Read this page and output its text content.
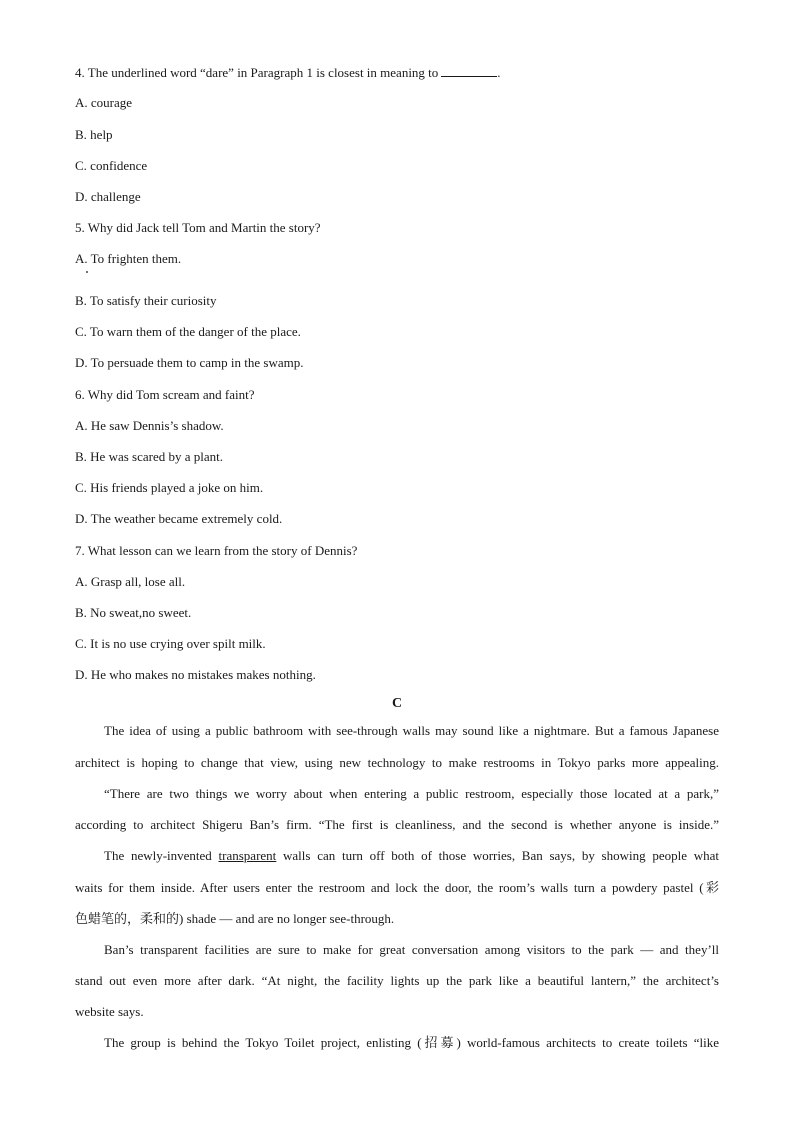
4. The underlined word “dare” in Paragraph 1 is closest in meaning to	.
A. courage
B. help
C. confidence
D. challenge
5. Why did Jack tell Tom and Martin the story?
A. To frighten them.
B. To satisfy their curiosity
C. To warn them of the danger of the place.
D. To persuade them to camp in the swamp.
6. Why did Tom scream and faint?
A. He saw Dennis’s shadow.
B. He was scared by a plant.
C. His friends played a joke on him.
D. The weather became extremely cold.
7. What lesson can we learn from the story of Dennis?
A. Grasp all, lose all.
B. No sweat,no sweet.
C. It is no use crying over spilt milk.
D. He who makes no mistakes makes nothing.
C
The idea of using a public bathroom with see-through walls may sound like a nightmare. But a famous Japanese
architect is hoping to change that view, using new technology to make restrooms in Tokyo parks more appealing.
“There are two things we worry about when entering a public restroom, especially those located at a park,”
according to architect Shigeru Ban’s firm. “The first is cleanliness, and the second is whether anyone is inside.”
The newly-invented transparent walls can turn off both of those worries, Ban says, by showing people what
waits for them inside. After users enter the restroom and lock the door, the room’s walls turn a powdery pastel (彩
色蜡笔的，柔和的) shade — and are no longer see-through.
Ban’s transparent facilities are sure to make for great conversation among visitors to the park — and they’ll
stand out even more after dark. “At night, the facility lights up the park like a beautiful lantern,” the architect’s
website says.
The group is behind the Tokyo Toilet project, enlisting (招募) world-famous architects to create toilets “like
